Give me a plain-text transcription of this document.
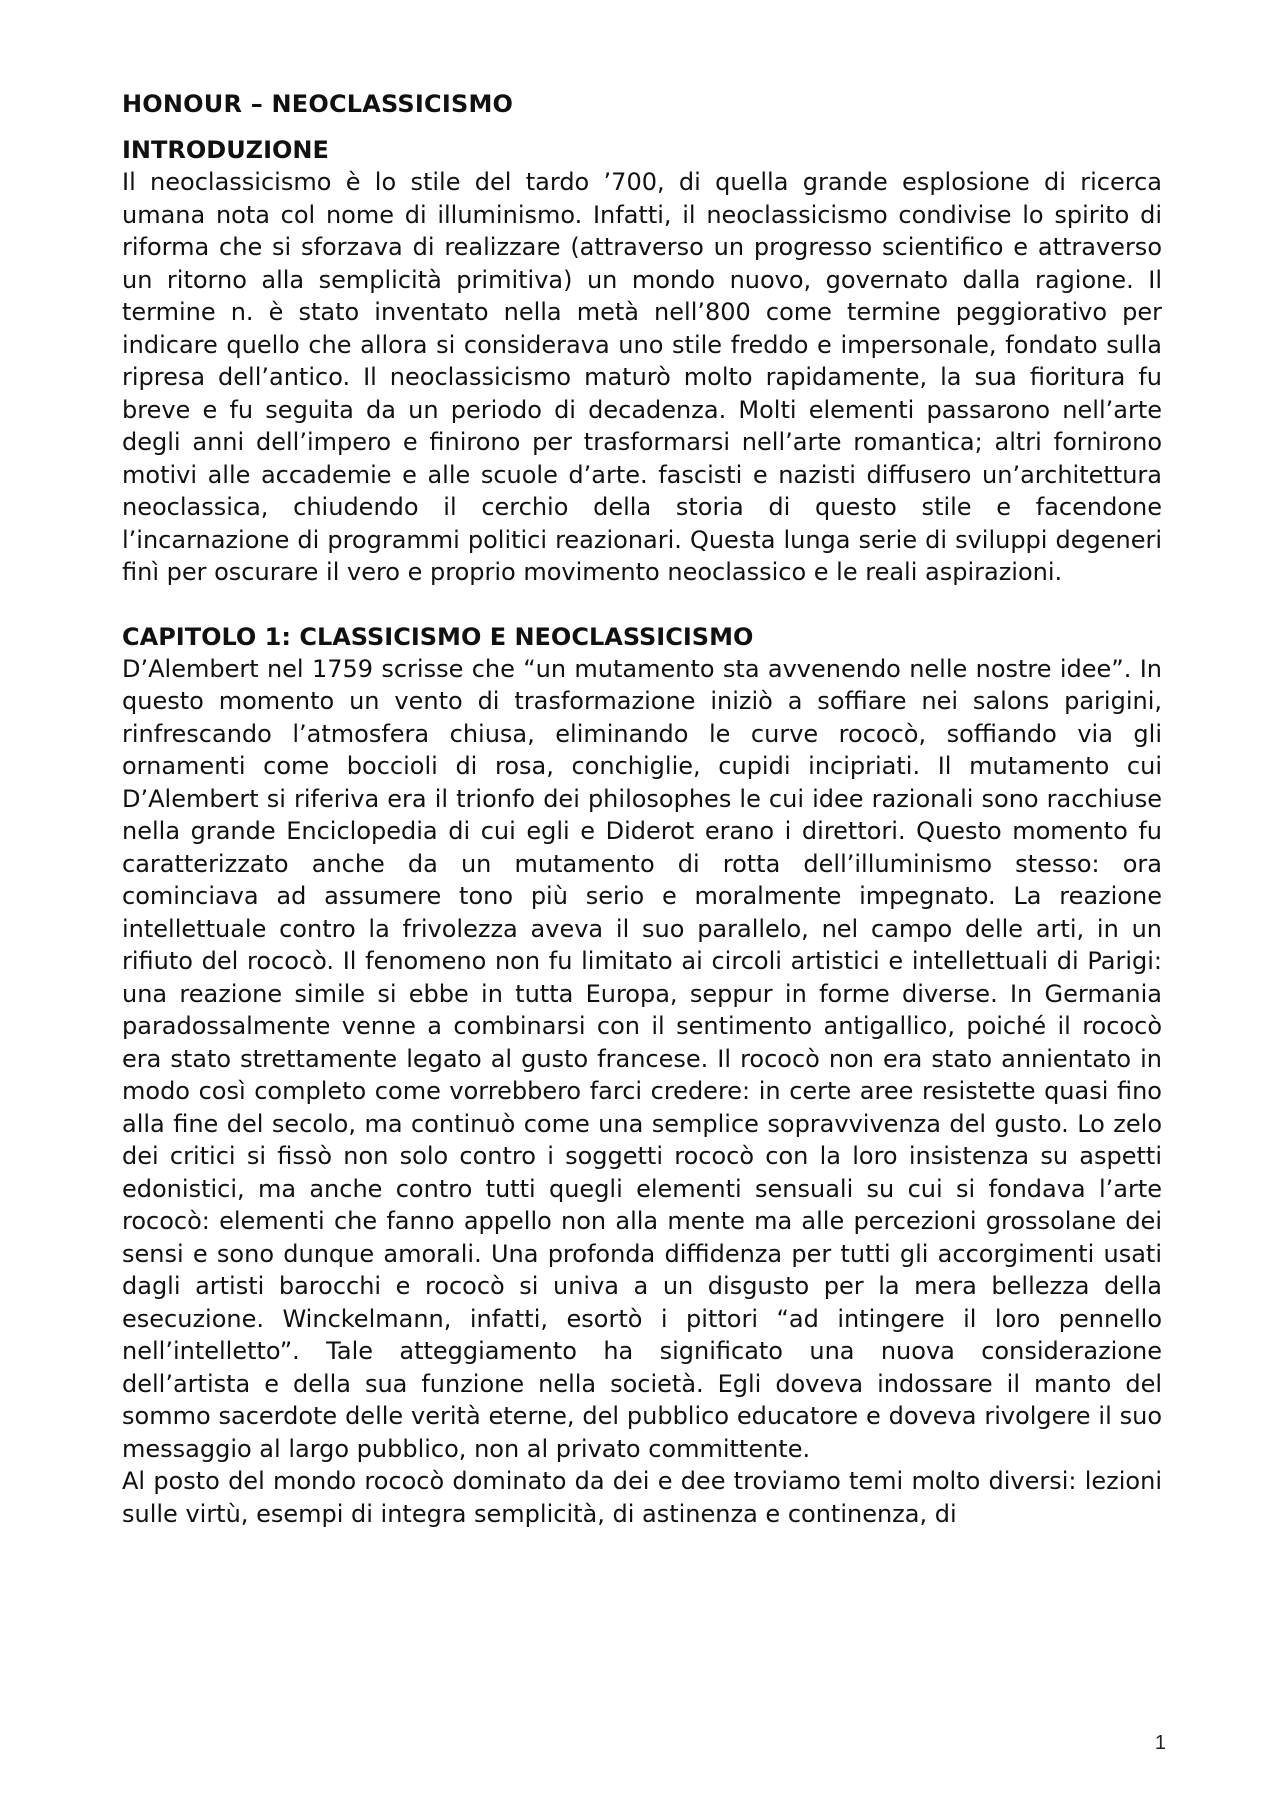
HONOUR – NEOCLASSICISMO
INTRODUZIONE

Il neoclassicismo è lo stile del tardo ’700, di quella grande esplosione di ricerca umana nota col nome di illuminismo. Infatti, il neoclassicismo condivise lo spirito di riforma che si sforzava di realizzare (attraverso un progresso scientifico e attraverso un ritorno alla semplicità primitiva) un mondo nuovo, governato dalla ragione. Il termine n. è stato inventato nella metà nell’800 come termine peggiorativo per indicare quello che allora si considerava uno stile freddo e impersonale, fondato sulla ripresa dell’antico. Il neoclassicismo maturò molto rapidamente, la sua fioritura fu breve e fu seguita da un periodo di decadenza. Molti elementi passarono nell’arte degli anni dell’impero e finirono per trasformarsi nell’arte romantica; altri fornirono motivi alle accademie e alle scuole d’arte. fascisti e nazisti diffusero un’architettura neoclassica, chiudendo il cerchio della storia di questo stile e facendone l’incarnazione di programmi politici reazionari. Questa lunga serie di sviluppi degeneri finì per oscurare il vero e proprio movimento neoclassico e le reali aspirazioni.

CAPITOLO 1: CLASSICISMO E NEOCLASSICISMO

D’Alembert nel 1759 scrisse che “un mutamento sta avvenendo nelle nostre idee”. In questo momento un vento di trasformazione iniziò a soffiare nei salons parigini, rinfrescando l’atmosfera chiusa, eliminando le curve rococò, soffiando via gli ornamenti come boccioli di rosa, conchiglie, cupidi incipriati. Il mutamento cui D’Alembert si riferiva era il trionfo dei philosophes le cui idee razionali sono racchiuse nella grande Enciclopedia di cui egli e Diderot erano i direttori. Questo momento fu caratterizzato anche da un mutamento di rotta dell’illuminismo stesso: ora cominciava ad assumere tono più serio e moralmente impegnato. La reazione intellettuale contro la frivolezza aveva il suo parallelo, nel campo delle arti, in un rifiuto del rococò. Il fenomeno non fu limitato ai circoli artistici e intellettuali di Parigi: una reazione simile si ebbe in tutta Europa, seppur in forme diverse. In Germania paradossalmente venne a combinarsi con il sentimento antigallico, poiché il rococò era stato strettamente legato al gusto francese. Il rococò non era stato annientato in modo così completo come vorrebbero farci credere: in certe aree resistette quasi fino alla fine del secolo, ma continuò come una semplice sopravvivenza del gusto. Lo zelo dei critici si fissò non solo contro i soggetti rococò con la loro insistenza su aspetti edonistici, ma anche contro tutti quegli elementi sensuali su cui si fondava l’arte rococò: elementi che fanno appello non alla mente ma alle percezioni grossolane dei sensi e sono dunque amorali. Una profonda diffidenza per tutti gli accorgimenti usati dagli artisti barocchi e rococò si univa a un disgusto per la mera bellezza della esecuzione. Winckelmann, infatti, esortò i pittori “ad intingere il loro pennello nell’intelletto”. Tale atteggiamento ha significato una nuova considerazione dell’artista e della sua funzione nella società. Egli doveva indossare il manto del sommo sacerdote delle verità eterne, del pubblico educatore e doveva rivolgere il suo messaggio al largo pubblico, non al privato committente.

Al posto del mondo rococò dominato da dei e dee troviamo temi molto diversi: lezioni sulle virtù, esempi di integra semplicità, di astinenza e continenza, di

1
